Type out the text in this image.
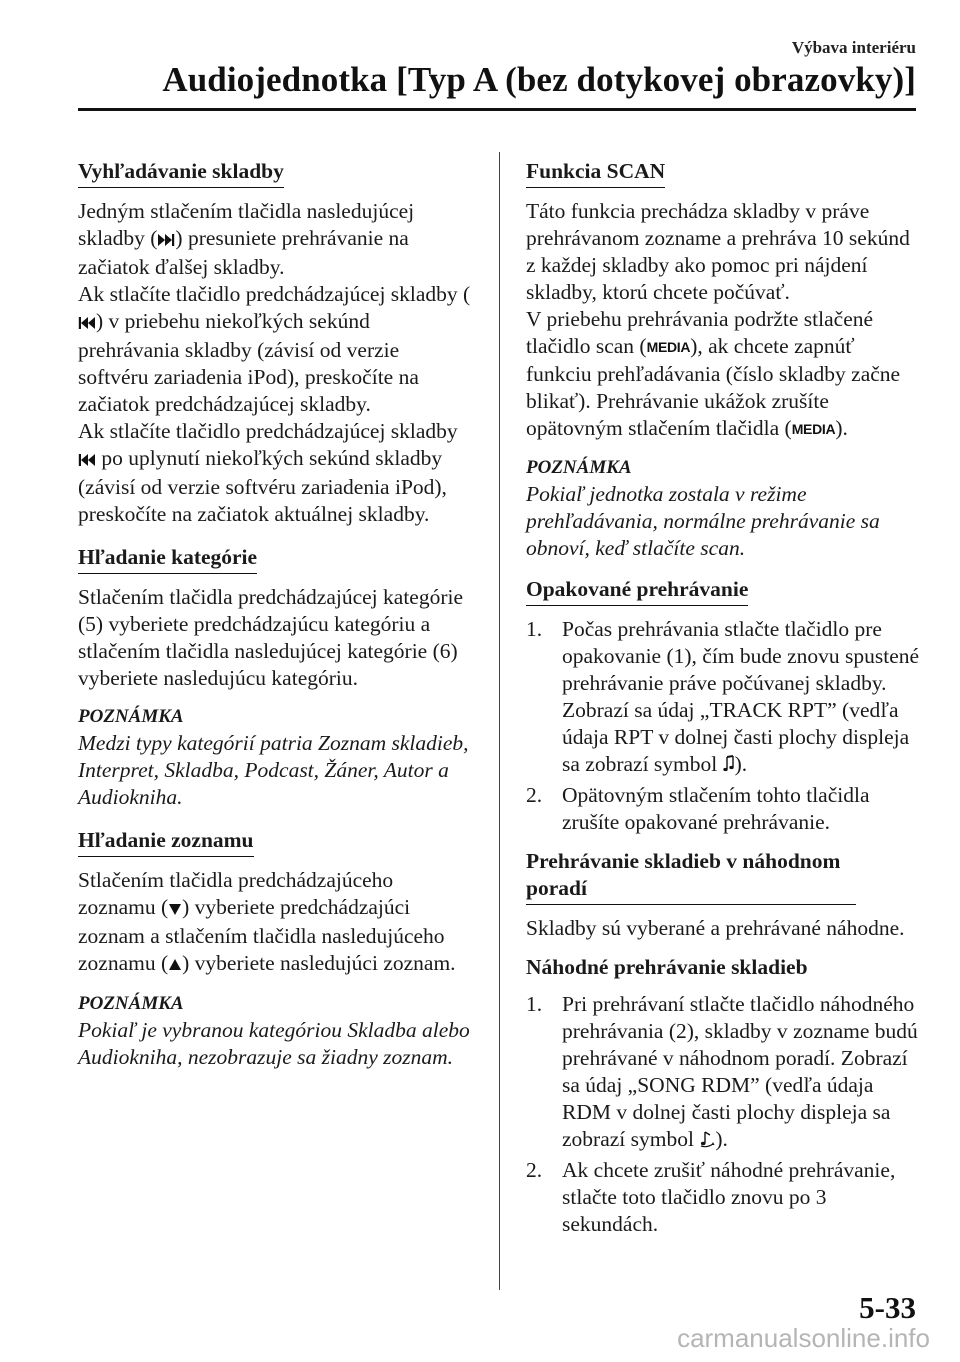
Výbava interiéru
Audiojednotka [Typ A (bez dotykovej obrazovky)]
Vyhľadávanie skladby

Jedným stlačením tlačidla nasledujúcej skladby ( ) presuniete prehrávanie na začiatok ďalšej skladby.

Ak stlačíte tlačidlo predchádzajúcej skladby () v priebehu niekoľkých sekúnd prehrávania skladby (závisí od verzie softvéru zariadenia iPod), preskočíte na začiatok predchádzajúcej skladby.

Ak stlačíte tlačidlo predchádzajúcej skladby  po uplynutí niekoľkých sekúnd skladby (závisí od verzie softvéru zariadenia iPod), preskočíte na začiatok aktuálnej skladby.

Hľadanie kategórie

Stlačením tlačidla predchádzajúcej kategórie (5) vyberiete predchádzajúcu kategóriu a stlačením tlačidla nasledujúcej kategórie (6) vyberiete nasledujúcu kategóriu.

POZNÁMKA
Medzi typy kategórií patria Zoznam skladieb, Interpret, Skladba, Podcast, Žáner, Autor a Audiokniha.
Hľadanie zoznamu

Stlačením tlačidla predchádzajúceho zoznamu ( ) vyberiete predchádzajúci zoznam a stlačením tlačidla nasledujúceho zoznamu ( ) vyberiete nasledujúci zoznam.

POZNÁMKA
Pokiaľ je vybranou kategóriou Skladba alebo Audiokniha, nezobrazuje sa žiadny zoznam.
Funkcia SCAN

Táto funkcia prechádza skladby v práve prehrávanom zozname a prehráva 10 sekúnd z každej skladby ako pomoc pri nájdení skladby, ktorú chcete počúvať.

V priebehu prehrávania podržte stlačené tlačidlo scan (MEDIA), ak chcete zapnúť funkciu prehľadávania (číslo skladby začne blikať). Prehrávanie ukážok zrušíte opätovným stlačením tlačidla (MEDIA).

POZNÁMKA
Pokiaľ jednotka zostala v režime prehľadávania, normálne prehrávanie sa obnoví, keď stlačíte scan.
Opakované prehrávanie
1. Počas prehrávania stlačte tlačidlo pre opakovanie (1), čím bude znovu spustené prehrávanie práve počúvanej skladby. Zobrazí sa údaj „TRACK RPT” (vedľa údaja RPT v dolnej časti plochy displeja sa zobrazí symbol ).
2. Opätovným stlačením tohto tlačidla zrušíte opakované prehrávanie.
Prehrávanie skladieb v náhodnom poradí

Skladby sú vyberané a prehrávané náhodne.

Náhodné prehrávanie skladieb
1. Pri prehrávaní stlačte tlačidlo náhodného prehrávania (2), skladby v zozname budú prehrávané v náhodnom poradí. Zobrazí sa údaj „SONG RDM” (vedľa údaja RDM v dolnej časti plochy displeja sa zobrazí symbol ).
2. Ak chcete zrušiť náhodné prehrávanie, stlačte toto tlačidlo znovu po 3 sekundách.
5-33
carmanualsonline.info
